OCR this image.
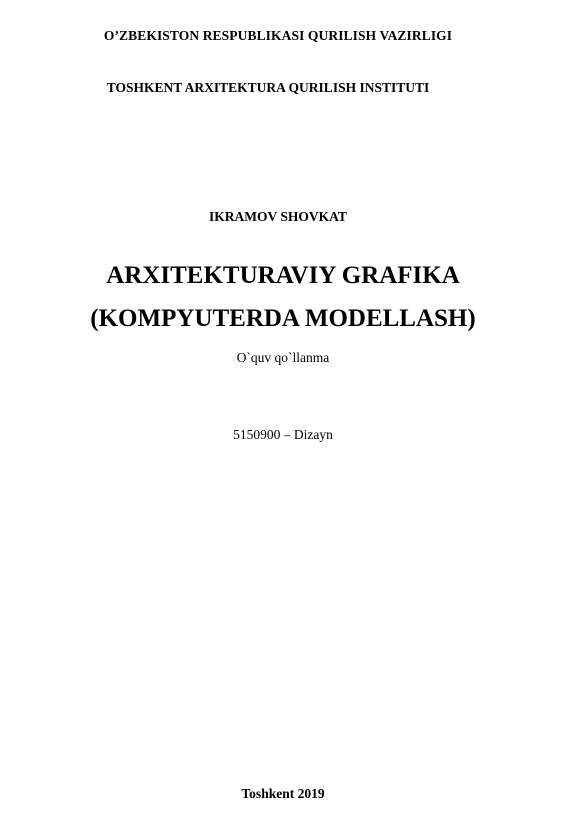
O’ZBEKISTON RESPUBLIKASI QURILISH VAZIRLIGI
TOSHKENT ARXITEKTURA QURILISH INSTITUTI
IKRAMOV SHOVKAT
ARXITEKTURAVIY GRAFIKA
(KOMPYUTERDA MODELLASH)
O`quv qo`llanma
5150900 – Dizayn
Toshkent 2019
